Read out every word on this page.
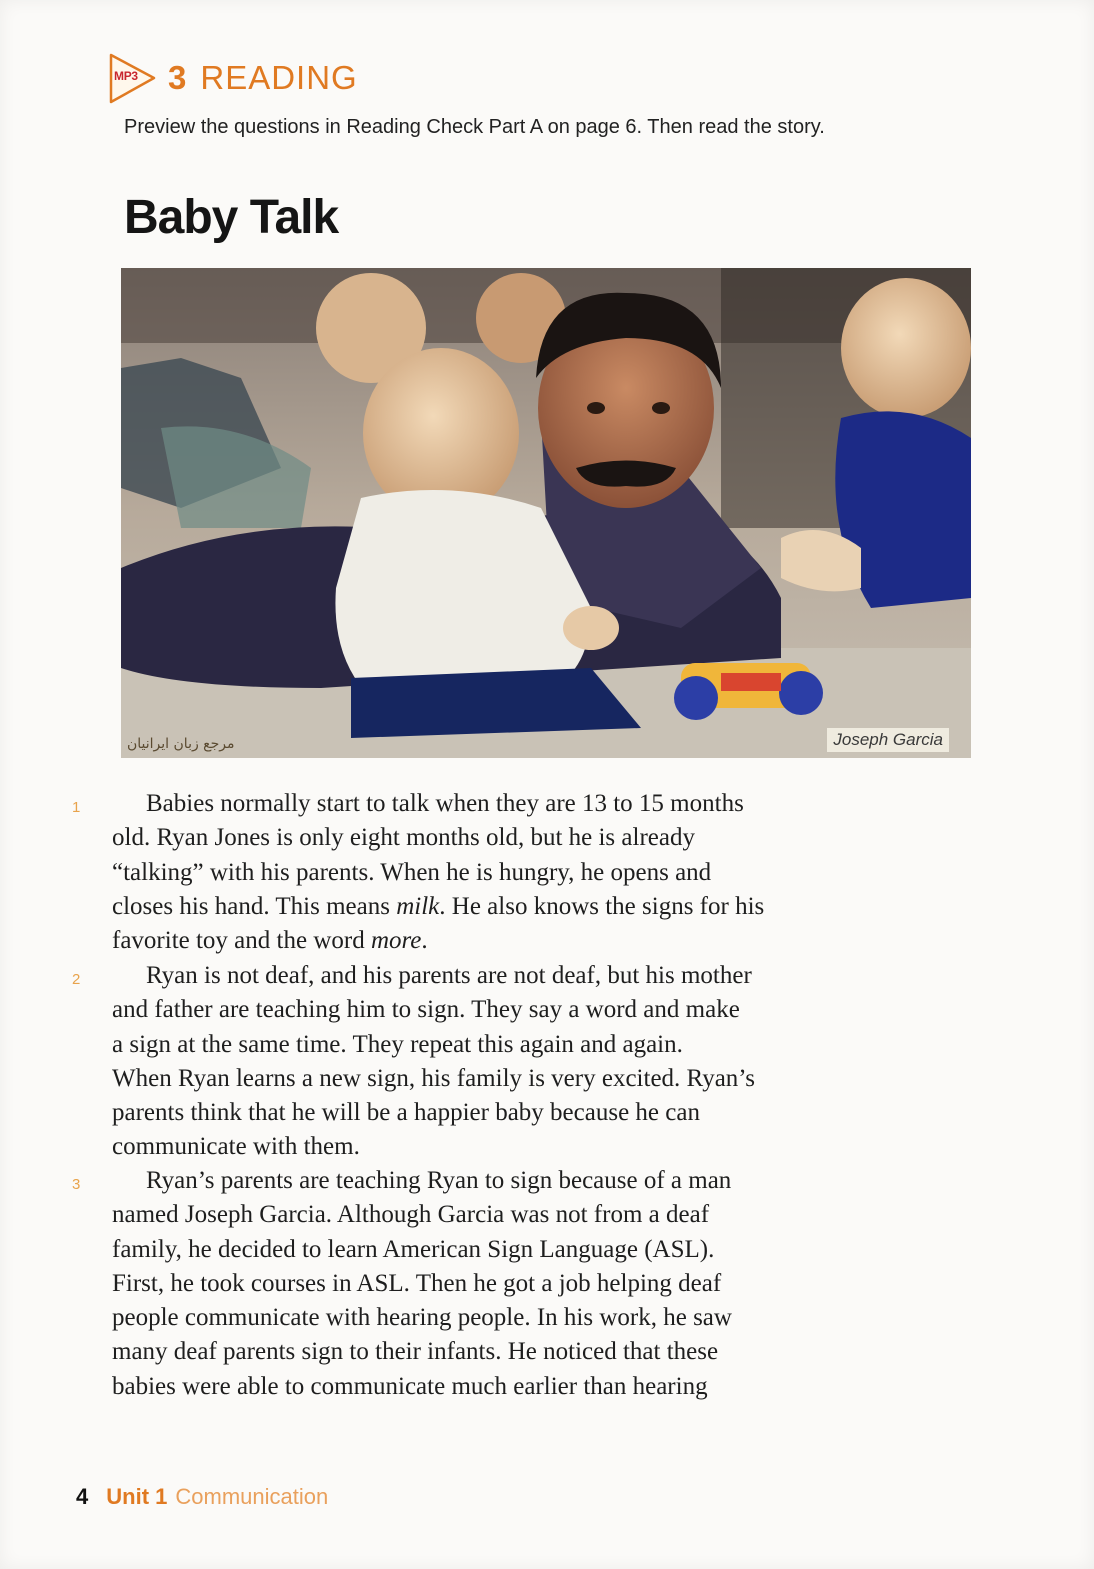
MP3 3 READING
Preview the questions in Reading Check Part A on page 6. Then read the story.
Baby Talk
مرجع زبان ایرانیان	Joseph Garcia
1	Babies normally start to talk when they are 13 to 15 months
old. Ryan Jones is only eight months old, but he is already
“talking” with his parents. When he is hungry, he opens and
closes his hand. This means milk. He also knows the signs for his
favorite toy and the word more.
2	Ryan is not deaf, and his parents are not deaf, but his mother
and father are teaching him to sign. They say a word and make
a sign at the same time. They repeat this again and again.
When Ryan learns a new sign, his family is very excited. Ryan’s
parents think that he will be a happier baby because he can
communicate with them.
3	Ryan’s parents are teaching Ryan to sign because of a man
named Joseph Garcia. Although Garcia was not from a deaf
family, he decided to learn American Sign Language (ASL).
First, he took courses in ASL. Then he got a job helping deaf
people communicate with hearing people. In his work, he saw
many deaf parents sign to their infants. He noticed that these
babies were able to communicate much earlier than hearing
4 Unit 1 Communication
